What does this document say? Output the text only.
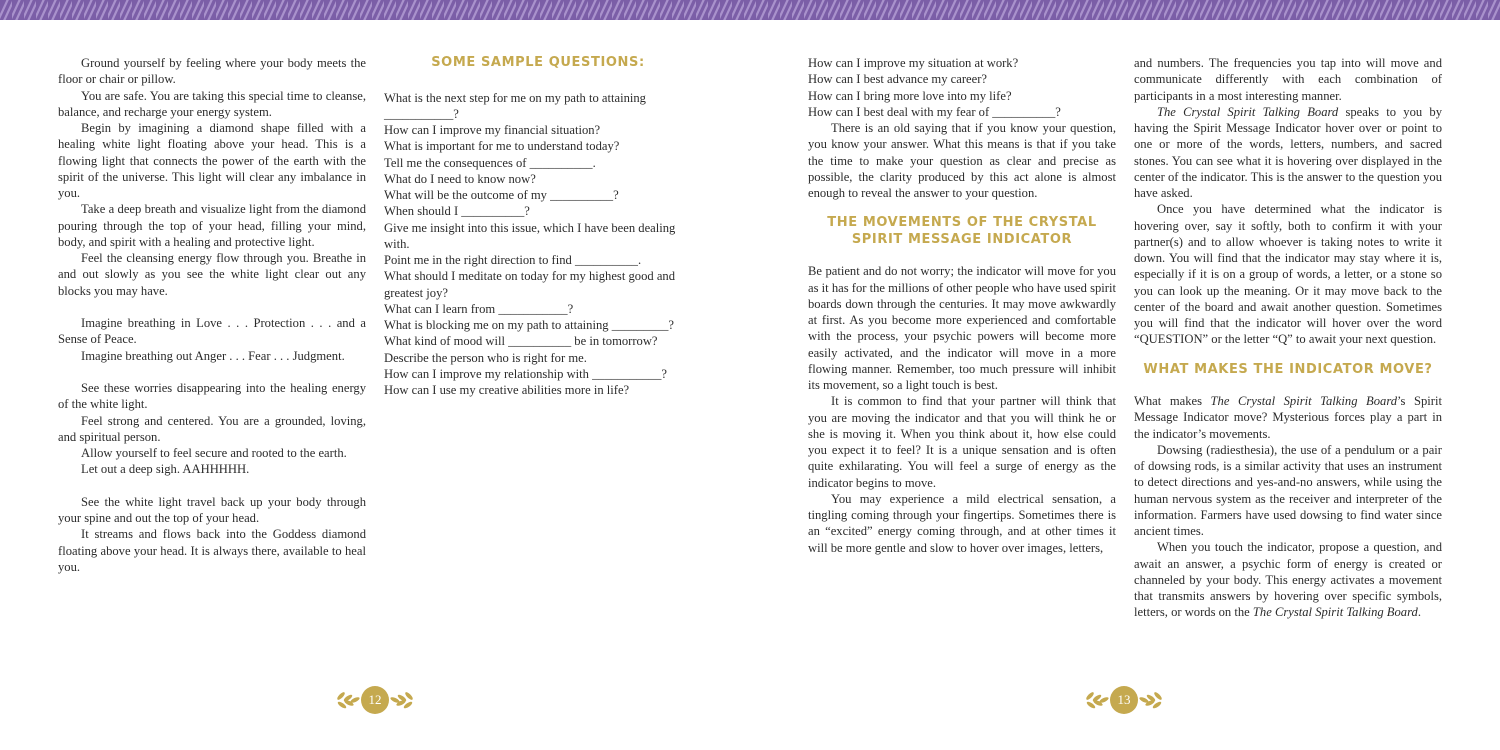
Ground yourself by feeling where your body meets the floor or chair or pillow.

You are safe. You are taking this special time to cleanse, balance, and recharge your energy system.

Begin by imagining a diamond shape filled with a healing white light floating above your head. This is a flowing light that connects the power of the earth with the spirit of the universe. This light will clear any imbalance in you.

Take a deep breath and visualize light from the diamond pouring through the top of your head, filling your mind, body, and spirit with a healing and protective light.

Feel the cleansing energy flow through you. Breathe in and out slowly as you see the white light clear out any blocks you may have.

Imagine breathing in Love . . . Protection . . . and a Sense of Peace.

Imagine breathing out Anger . . . Fear . . . Judgment.

See these worries disappearing into the healing energy of the white light.

Feel strong and centered. You are a grounded, loving, and spiritual person.

Allow yourself to feel secure and rooted to the earth.

Let out a deep sigh. AAHHHHH.

See the white light travel back up your body through your spine and out the top of your head.

It streams and flows back into the Goddess diamond floating above your head. It is always there, available to heal you.

SOME SAMPLE QUESTIONS:

What is the next step for me on my path to attaining ___________?

How can I improve my financial situation?

What is important for me to understand today?

Tell me the consequences of __________.

What do I need to know now?

What will be the outcome of my __________?

When should I __________?

Give me insight into this issue, which I have been dealing with.

Point me in the right direction to find __________.

What should I meditate on today for my highest good and greatest joy?

What can I learn from ___________?

What is blocking me on my path to attaining _________?

What kind of mood will __________ be in tomorrow?

Describe the person who is right for me.

How can I improve my relationship with ___________?

How can I use my creative abilities more in life?

How can I improve my situation at work?

How can I best advance my career?

How can I bring more love into my life?

How can I best deal with my fear of __________?

There is an old saying that if you know your question, you know your answer. What this means is that if you take the time to make your question as clear and precise as possible, the clarity produced by this act alone is almost enough to reveal the answer to your question.

THE MOVEMENTS OF THE CRYSTAL SPIRIT MESSAGE INDICATOR

Be patient and do not worry; the indicator will move for you as it has for the millions of other people who have used spirit boards down through the centuries. It may move awkwardly at first. As you become more experienced and comfortable with the process, your psychic powers will become more easily activated, and the indicator will move in a more flowing manner. Remember, too much pressure will inhibit its movement, so a light touch is best.

It is common to find that your partner will think that you are moving the indicator and that you will think he or she is moving it. When you think about it, how else could you expect it to feel? It is a unique sensation and is often quite exhilarating. You will feel a surge of energy as the indicator begins to move.

You may experience a mild electrical sensation, a tingling coming through your fingertips. Sometimes there is an “excited” energy coming through, and at other times it will be more gentle and slow to hover over images, letters,

and numbers. The frequencies you tap into will move and communicate differently with each combination of participants in a most interesting manner.

The Crystal Spirit Talking Board speaks to you by having the Spirit Message Indicator hover over or point to one or more of the words, letters, numbers, and sacred stones. You can see what it is hovering over displayed in the center of the indicator. This is the answer to the question you have asked.

Once you have determined what the indicator is hovering over, say it softly, both to confirm it with your partner(s) and to allow whoever is taking notes to write it down. You will find that the indicator may stay where it is, especially if it is on a group of words, a letter, or a stone so you can look up the meaning. Or it may move back to the center of the board and await another question. Sometimes you will find that the indicator will hover over the word “QUESTION” or the letter “Q” to await your next question.

WHAT MAKES THE INDICATOR MOVE?

What makes The Crystal Spirit Talking Board’s Spirit Message Indicator move? Mysterious forces play a part in the indicator’s movements.

Dowsing (radiesthesia), the use of a pendulum or a pair of dowsing rods, is a similar activity that uses an instrument to detect directions and yes-and-no answers, while using the human nervous system as the receiver and interpreter of the information. Farmers have used dowsing to find water since ancient times.

When you touch the indicator, propose a question, and await an answer, a psychic form of energy is created or channeled by your body. This energy activates a movement that transmits answers by hovering over specific symbols, letters, or words on the The Crystal Spirit Talking Board.

12	13
